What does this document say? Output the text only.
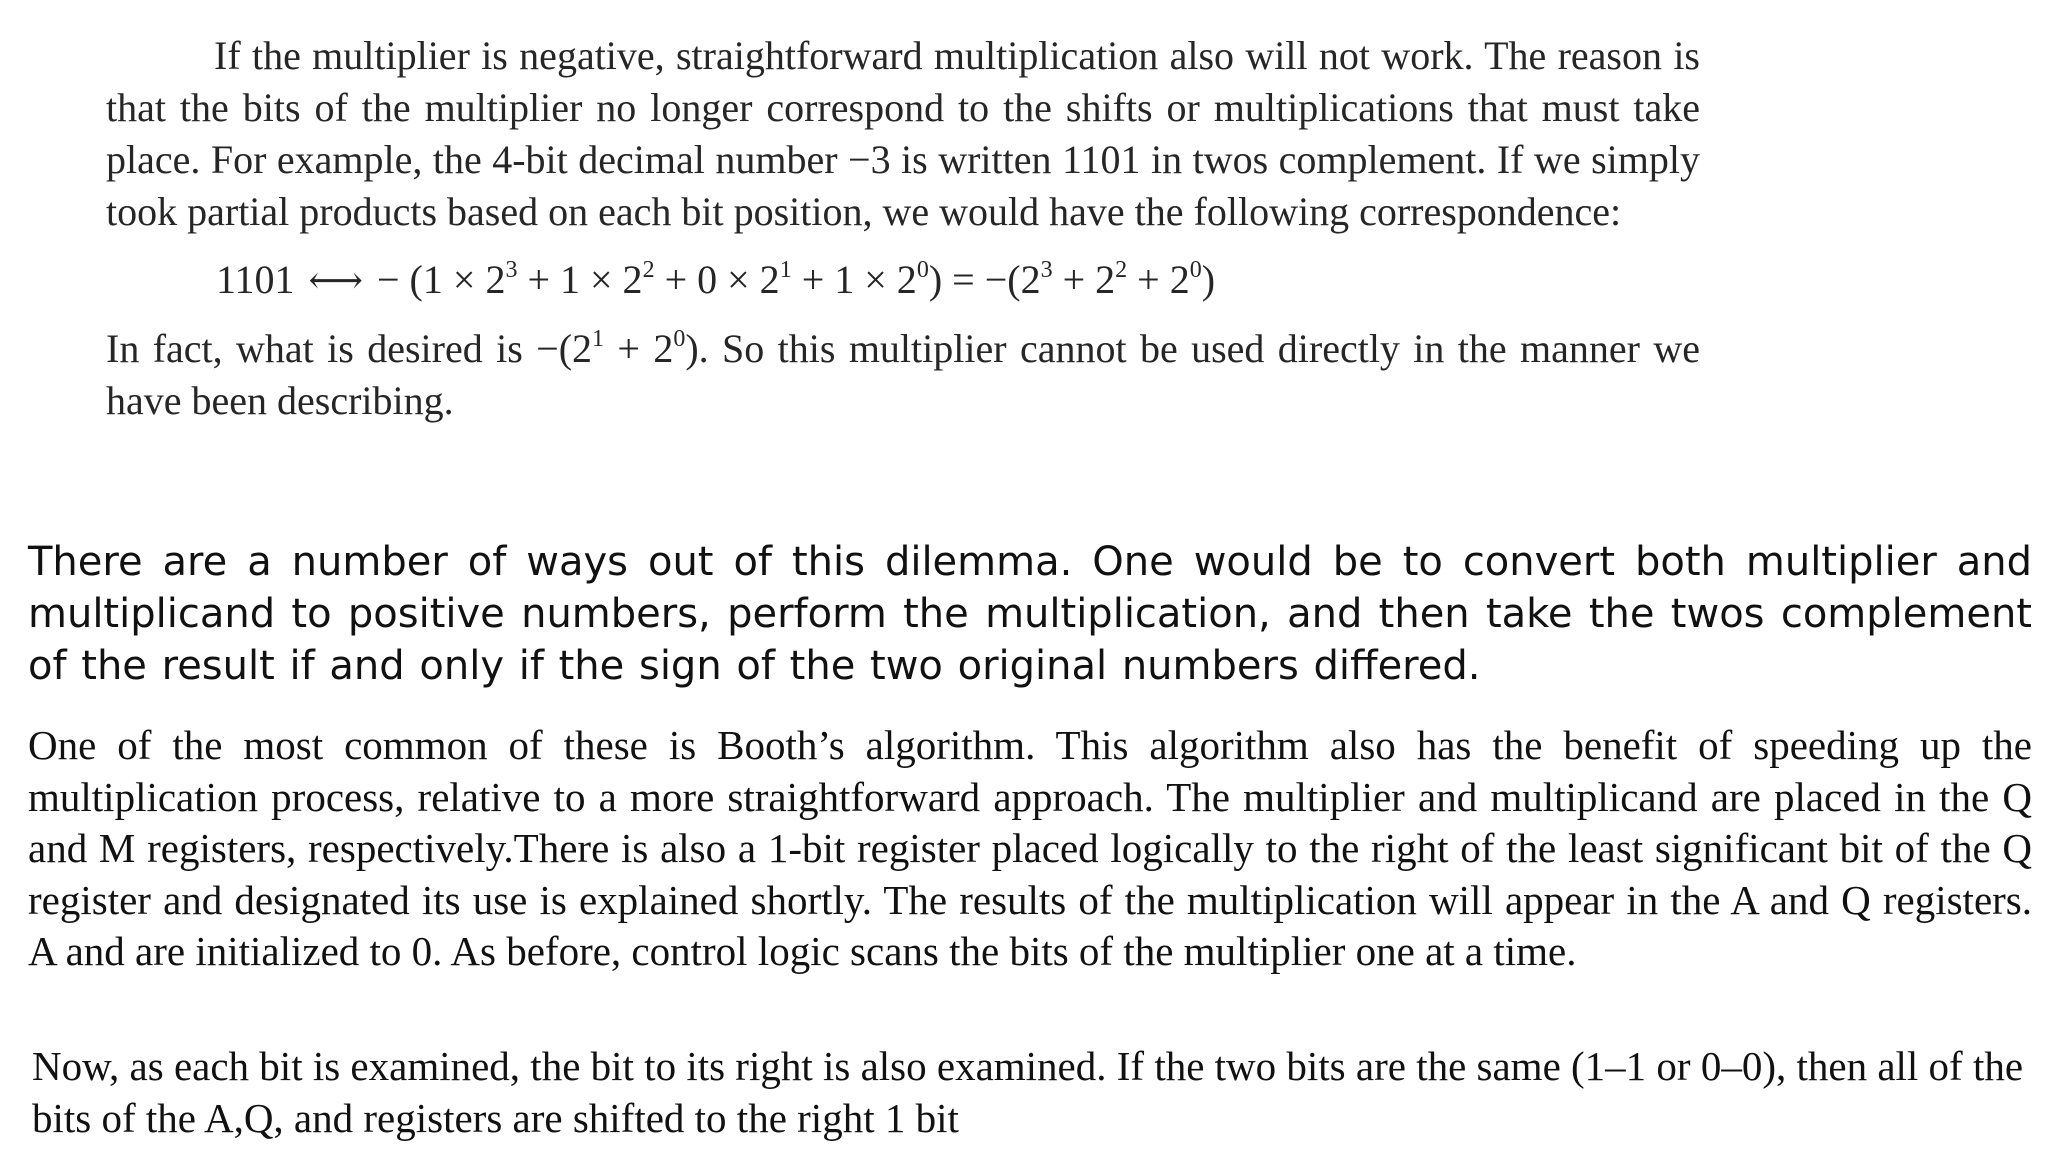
If the multiplier is negative, straightforward multiplication also will not work. The reason is that the bits of the multiplier no longer correspond to the shifts or multiplications that must take place. For example, the 4-bit decimal number −3 is written 1101 in twos complement. If we simply took partial products based on each bit position, we would have the following correspondence:

1101 ⟷ − $(1 \times 2^3 + 1 \times 2^2 + 0 \times 2^1 + 1 \times 2^0) = -(2^3 + 2^2 + 2^0)$

In fact, what is desired is $-(2^1 + 2^0)$. So this multiplier cannot be used directly in the manner we have been describing.

There are a number of ways out of this dilemma. One would be to convert both multiplier and multiplicand to positive numbers, perform the multiplication, and then take the twos complement of the result if and only if the sign of the two original numbers differed.

One of the most common of these is Booth’s algorithm. This algorithm also has the benefit of speeding up the multiplication process, relative to a more straightforward approach. The multiplier and multiplicand are placed in the Q and M registers, respectively.There is also a 1-bit register placed logically to the right of the least significant bit of the Q register and designated its use is explained shortly. The results of the multiplication will appear in the A and Q registers. A and are initialized to 0. As before, control logic scans the bits of the multiplier one at a time.

Now, as each bit is examined, the bit to its right is also examined. If the two bits are the same (1–1 or 0–0), then all of the bits of the A,Q, and registers are shifted to the right 1 bit
